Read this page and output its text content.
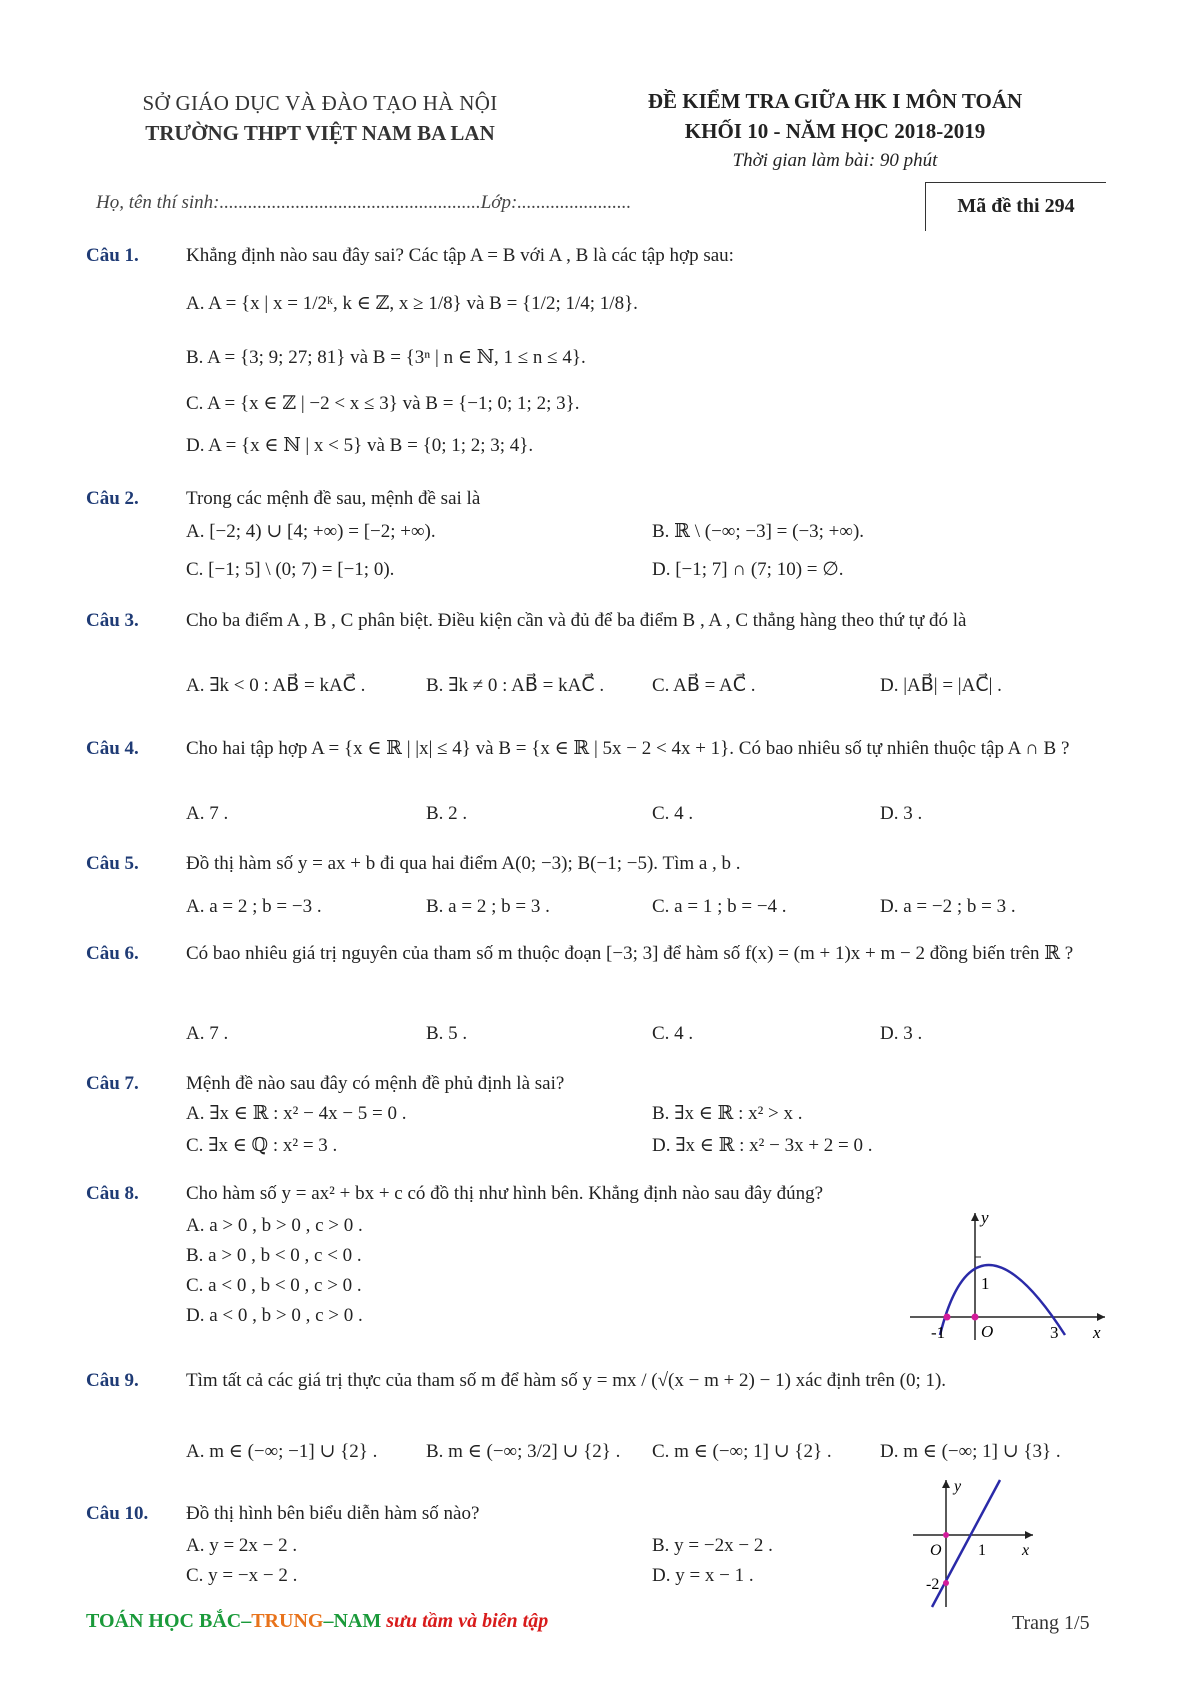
SỞ GIÁO DỤC VÀ ĐÀO TẠO HÀ NỘI
TRƯỜNG THPT VIỆT NAM BA LAN
ĐỀ KIỂM TRA GIỮA HK I MÔN TOÁN
KHỐI 10 - NĂM HỌC 2018-2019
Thời gian làm bài: 90 phút
Họ, tên thí sinh:.......................................................Lớp:........................	Mã đề thi 294
Câu 1. Khẳng định nào sau đây sai? Các tập A = B với A , B là các tập hợp sau:
A. A = {x | x = 1/2ᵏ, k ∈ ℤ, x ≥ 1/8} và B = {1/2; 1/4; 1/8}.
B. A = {3; 9; 27; 81} và B = {3ⁿ | n ∈ ℕ, 1 ≤ n ≤ 4}.
C. A = {x ∈ ℤ | −2 < x ≤ 3} và B = {−1; 0; 1; 2; 3}.
D. A = {x ∈ ℕ | x < 5} và B = {0; 1; 2; 3; 4}.
Câu 2. Trong các mệnh đề sau, mệnh đề sai là
A. [−2; 4) ∪ [4; +∞) = [−2; +∞).	B. ℝ \ (−∞; −3] = (−3; +∞).
C. [−1; 5] \ (0; 7) = [−1; 0).	D. [−1; 7] ∩ (7; 10) = ∅.
Câu 3. Cho ba điểm A , B , C phân biệt. Điều kiện cần và đủ để ba điểm B , A , C thẳng hàng theo thứ tự đó là
A. ∃k < 0 : AB⃗ = kAC⃗ .	B. ∃k ≠ 0 : AB⃗ = kAC⃗ .	C. AB⃗ = AC⃗ .	D. |AB⃗| = |AC⃗| .
Câu 4. Cho hai tập hợp A = {x ∈ ℝ | |x| ≤ 4} và B = {x ∈ ℝ | 5x − 2 < 4x + 1}. Có bao nhiêu số tự nhiên thuộc tập A ∩ B ?
A. 7 .	B. 2 .	C. 4 .	D. 3 .
Câu 5. Đồ thị hàm số y = ax + b đi qua hai điểm A(0; −3); B(−1; −5). Tìm a , b .
A. a = 2 ; b = −3 .	B. a = 2 ; b = 3 .	C. a = 1 ; b = −4 .	D. a = −2 ; b = 3 .
Câu 6. Có bao nhiêu giá trị nguyên của tham số m thuộc đoạn [−3; 3] để hàm số f(x) = (m + 1)x + m − 2 đồng biến trên ℝ ?
A. 7 .	B. 5 .	C. 4 .	D. 3 .
Câu 7. Mệnh đề nào sau đây có mệnh đề phủ định là sai?
A. ∃x ∈ ℝ : x² − 4x − 5 = 0 .	B. ∃x ∈ ℝ : x² > x .
C. ∃x ∈ ℚ : x² = 3 .	D. ∃x ∈ ℝ : x² − 3x + 2 = 0 .
Câu 8. Cho hàm số y = ax² + bx + c có đồ thị như hình bên. Khẳng định nào sau đây đúng?
A. a > 0 , b > 0 , c > 0 .
B. a > 0 , b < 0 , c < 0 .
C. a < 0 , b < 0 , c > 0 .
D. a < 0 , b > 0 , c > 0 .
y
x
O
1
3
-1
Câu 9. Tìm tất cả các giá trị thực của tham số m để hàm số y = mx / (√(x − m + 2) − 1) xác định trên (0; 1).
A. m ∈ (−∞; −1] ∪ {2} .	B. m ∈ (−∞; 3/2] ∪ {2} . C. m ∈ (−∞; 1] ∪ {2} .	D. m ∈ (−∞; 1] ∪ {3} .
Câu 10. Đồ thị hình bên biểu diễn hàm số nào?
A. y = 2x − 2 .	B. y = −2x − 2 .
C. y = −x − 2 .	D. y = x − 1 .
y
x
O 1
-2
TOÁN HỌC BẮC–TRUNG–NAM sưu tầm và biên tập	Trang 1/5
